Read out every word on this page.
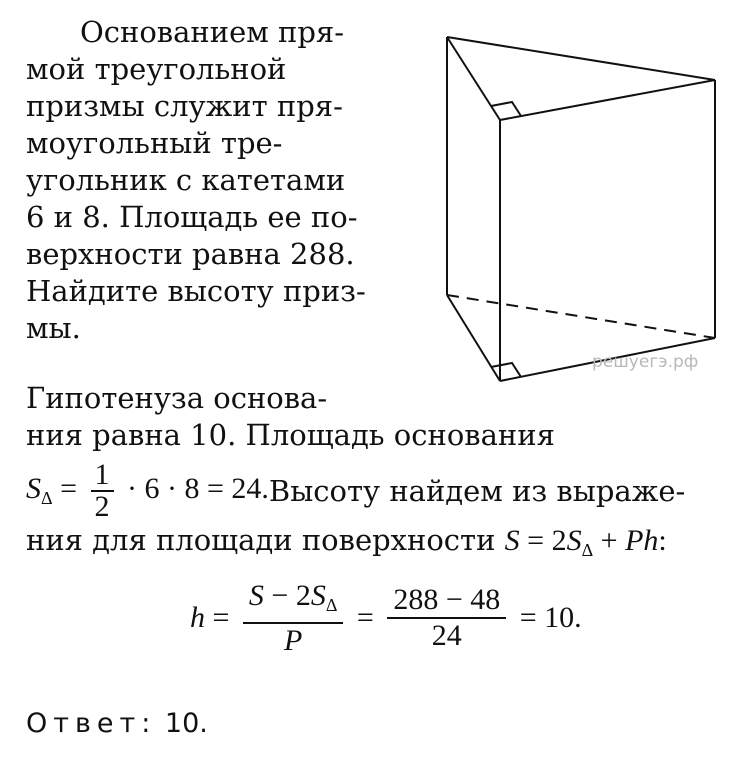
Основанием пря-
мой треугольной
призмы служит пря-
моугольный тре-
угольник с катетами
6 и 8. Площадь ее по-
верхности равна 288.
Найдите высоту приз-
мы.
решуегэ.рф
Гипотенуза основа-
ния равна 10. Площадь основания
$S_\Delta = \frac{1}{2} \cdot 6 \cdot 8 = 24$. Высоту найдем из выраже-
ния для площади поверхности $S = 2S_\Delta + Ph$:
$h = \frac{S - 2S_\Delta}{P} = \frac{288 - 48}{24} = 10$.
Ответ: 10.
